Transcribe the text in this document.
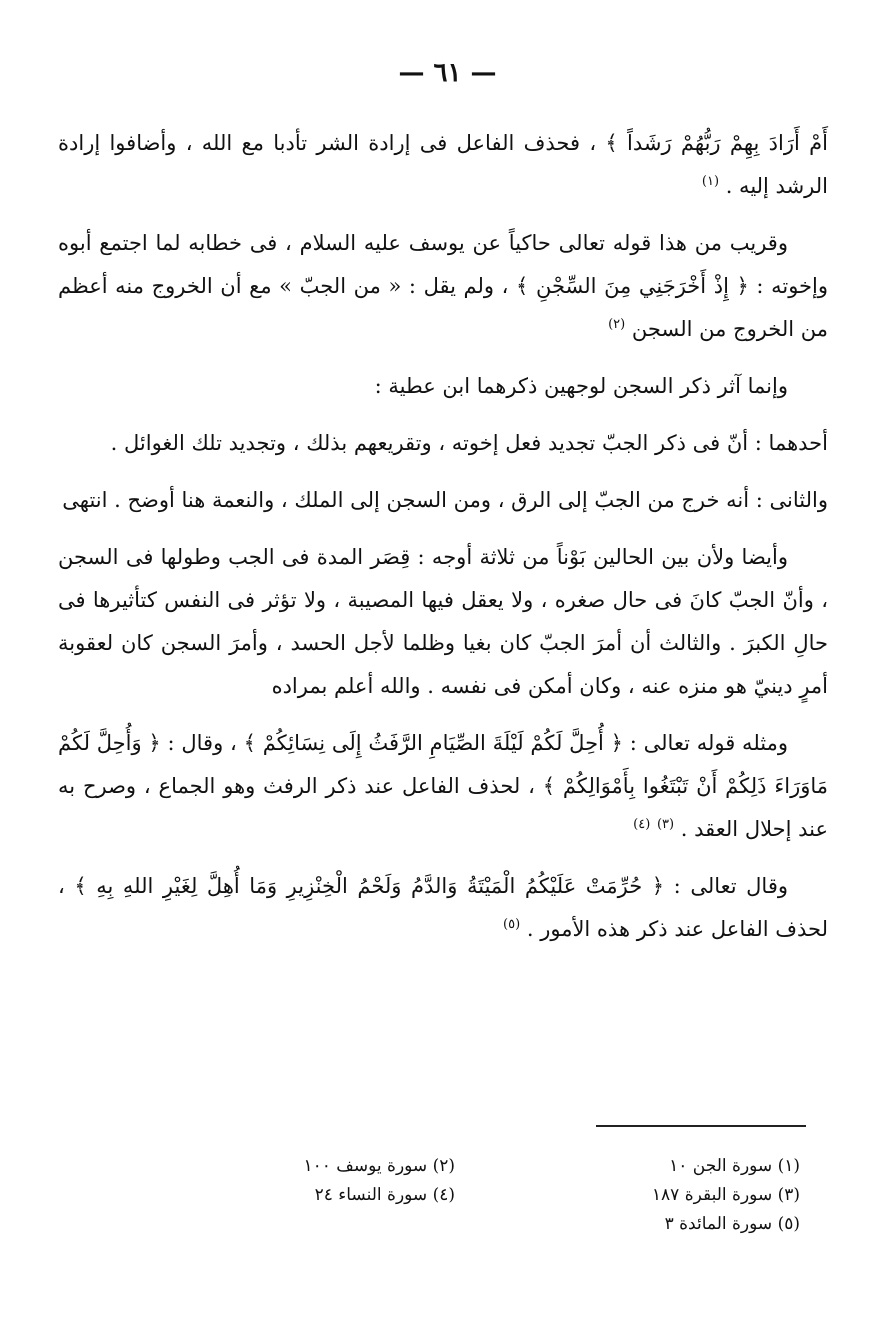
— ٦١ —

أَمْ أَرَادَ بِهِمْ رَبُّهُمْ رَشَداً ﴾ ، فحذف الفاعل فى إرادة الشر تأدبا مع الله ، وأضافوا إرادة الرشد إليه . $^{(١)}$

وقريب من هذا قوله تعالى حاكياً عن يوسف عليه السلام ، فى خطابه لما اجتمع أبوه وإخوته : ﴿ إِذْ أَخْرَجَنِي مِنَ السِّجْنِ ﴾ ، ولم يقل : « من الجبّ » مع أن الخروج منه أعظم من الخروج من السجن $^{(٢)}$

وإنما آثر ذكر السجن لوجهين ذكرهما ابن عطية :

أحدهما : أنّ فى ذكر الجبّ تجديد فعل إخوته ، وتقريعهم بذلك ، وتجديد تلك الغوائل .

والثانى : أنه خرج من الجبّ إلى الرق ، ومن السجن إلى الملك ، والنعمة هنا أوضح . انتهى

وأيضا ولأن بين الحالين بَوْناً من ثلاثة أوجه : قِصَر المدة فى الجب وطولها فى السجن ، وأنّ الجبّ كانَ فى حال صغره ، ولا يعقل فيها المصيبة ، ولا تؤثر فى النفس كتأثيرها فى حالِ الكبرَ . والثالث أن أمرَ الجبّ كان بغيا وظلما لأجل الحسد ، وأمرَ السجن كان لعقوبة أمرٍ دينيّ هو منزه عنه ، وكان أمكن فى نفسه . والله أعلم بمراده

ومثله قوله تعالى : ﴿ أُحِلَّ لَكُمْ لَيْلَةَ الصِّيَامِ الرَّفَثُ إِلَى نِسَائِكُمْ ﴾ ، وقال : ﴿ وَأُحِلَّ لَكُمْ مَاوَرَاءَ ذَلِكُمْ أَنْ تَبْتَغُوا بِأَمْوَالِكُمْ ﴾ ، لحذف الفاعل عند ذكر الرفث وهو الجماع ، وصرح به عند إحلال العقد . $^{(٣)}$ $^{(٤)}$

وقال تعالى : ﴿ حُرِّمَتْ عَلَيْكُمُ الْمَيْتَةُ وَالدَّمُ وَلَحْمُ الْخِنْزِيرِ وَمَا أُهِلَّ لِغَيْرِ اللهِ بِهِ ﴾ ، لحذف الفاعل عند ذكر هذه الأمور . $^{(٥)}$

(١) سورة الجن ١٠
(٢) سورة يوسف ١٠٠
(٣) سورة البقرة ١٨٧
(٤) سورة النساء ٢٤
(٥) سورة المائدة ٣
